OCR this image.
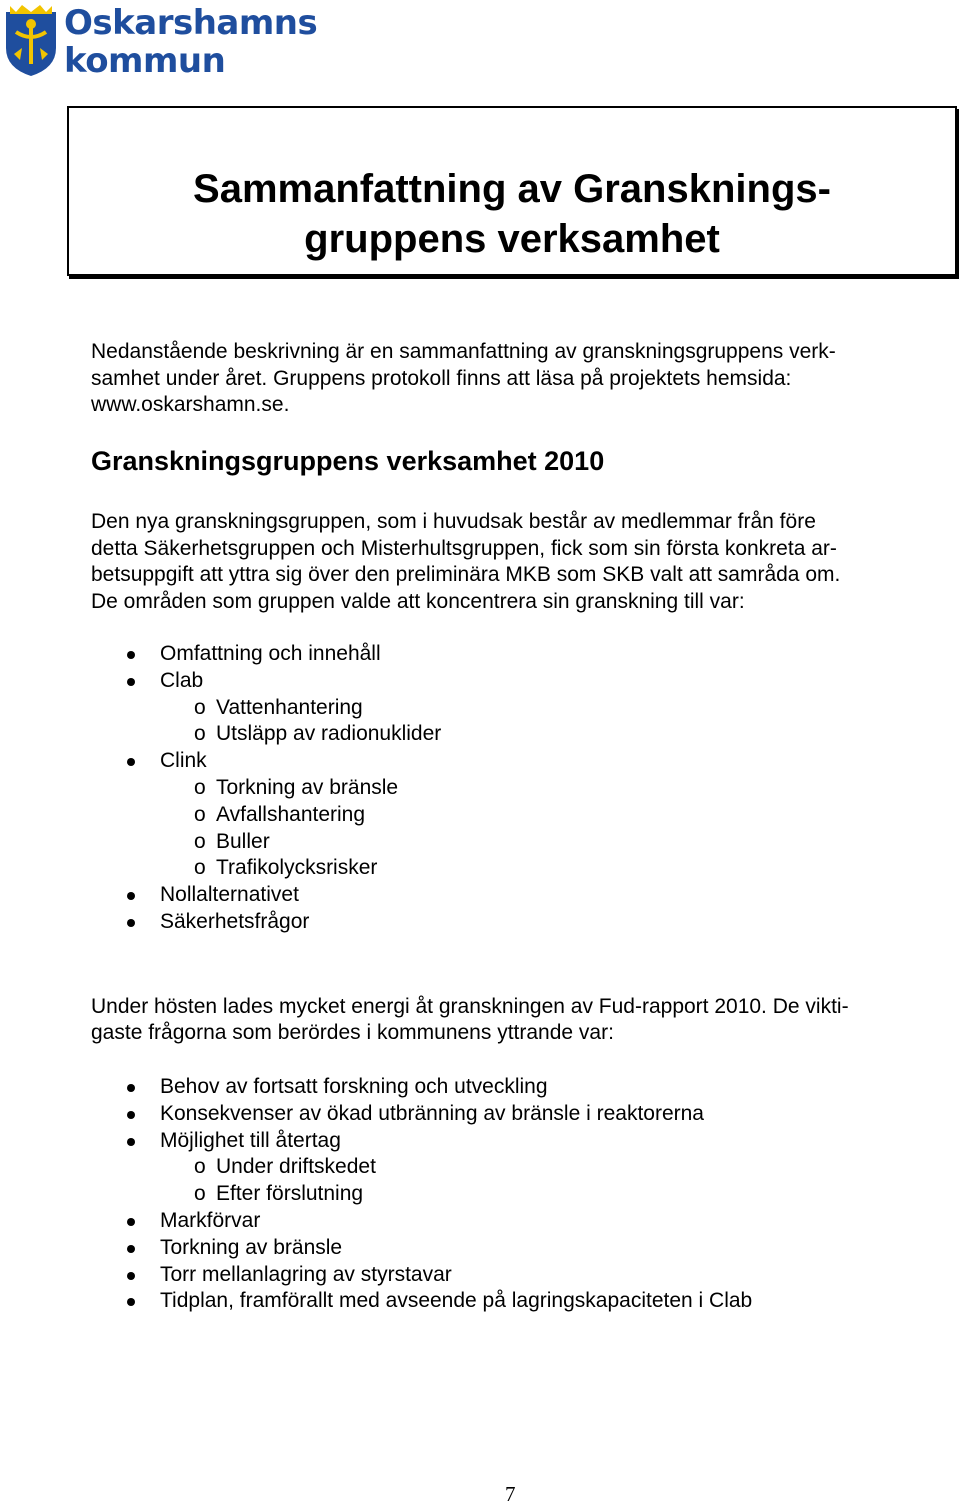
Oskarshamns
kommun
Sammanfattning av Gransknings-
gruppens verksamhet

Nedanstående beskrivning är en sammanfattning av granskningsgruppens verk-

samhet under året. Gruppens protokoll finns att läsa på projektets hemsida:

www.oskarshamn.se.

Granskningsgruppens verksamhet 2010

Den nya granskningsgruppen, som i huvudsak består av medlemmar från före

detta Säkerhetsgruppen och Misterhultsgruppen, fick som sin första konkreta ar-

betsuppgift att yttra sig över den preliminära MKB som SKB valt att samråda om.

De områden som gruppen valde att koncentrera sin granskning till var:

Omfattning och innehåll
Clab
o Vattenhantering
o Utsläpp av radionuklider
Clink
o Torkning av bränsle
o Avfallshantering
o Buller
o Trafikolycksrisker
Nollalternativet
Säkerhetsfrågor

Under hösten lades mycket energi åt granskningen av Fud-rapport 2010. De vikti-

gaste frågorna som berördes i kommunens yttrande var:

Behov av fortsatt forskning och utveckling
Konsekvenser av ökad utbränning av bränsle i reaktorerna
Möjlighet till återtag
o Under driftskedet
o Efter förslutning
Markförvar
Torkning av bränsle
Torr mellanlagring av styrstavar
Tidplan, framförallt med avseende på lagringskapaciteten i Clab
7
